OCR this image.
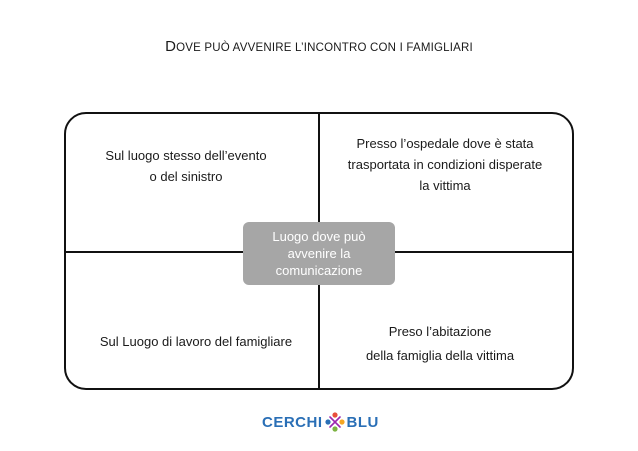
DOVE PUÒ AVVENIRE L’INCONTRO CON I FAMIGLIARI
Sul luogo stesso dell’evento
o del sinistro
Presso l’ospedale dove è stata
trasportata in condizioni disperate
la vittima
Sul Luogo di lavoro del famigliare
Preso l’abitazione
della famiglia della vittima
Luogo dove può
avvenire la
comunicazione
CERCHI BLU
